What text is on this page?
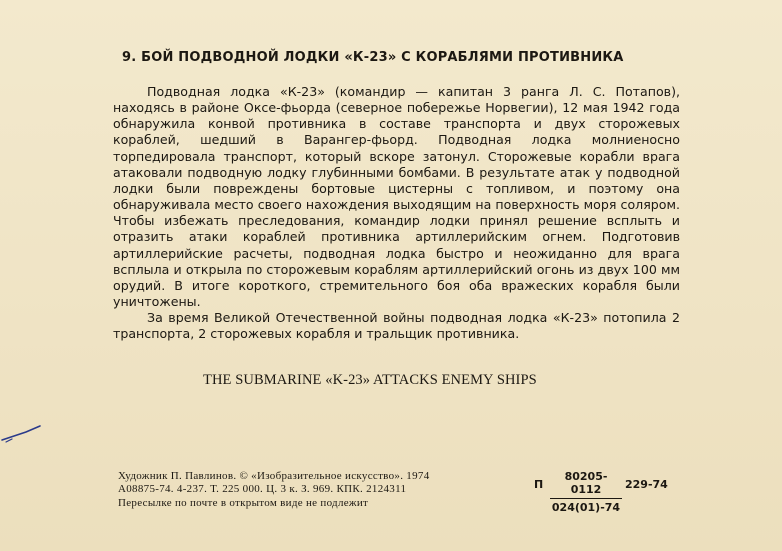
9. БОЙ ПОДВОДНОЙ ЛОДКИ «К-23» С КОРАБЛЯМИ ПРОТИВНИКА

Подводная лодка «К-23» (командир — капитан 3 ранга Л. С. Потапов), находясь в районе Оксе-фьорда (северное побережье Норвегии), 12 мая 1942 года обнаружила конвой противника в составе транспорта и двух сторожевых кораблей, шедший в Варангер-фьорд. Подводная лодка молниеносно торпедировала транспорт, который вскоре затонул. Сторожевые корабли врага атаковали подводную лодку глубинными бомбами. В результате атак у подводной лодки были повреждены бортовые цистерны с топливом, и поэтому она обнаруживала место своего нахождения выходящим на поверхность моря соляром. Чтобы избежать преследования, командир лодки принял решение всплыть и отразить атаки кораблей противника артиллерийским огнем. Подготовив артиллерийские расчеты, подводная лодка быстро и неожиданно для врага всплыла и открыла по сторожевым кораблям артиллерийский огонь из двух 100 мм орудий. В итоге короткого, стремительного боя оба вражеских корабля были уничтожены.

За время Великой Отечественной войны подводная лодка «К-23» потопила 2 транспорта, 2 сторожевых корабля и тральщик противника.

THE SUBMARINE «K-23» ATTACKS ENEMY SHIPS
Художник П. Павлинов. © «Изобразительное искусство». 1974
А08875-74. 4-237. Т. 225 000. Ц. 3 к. З. 969. КПК. 2124311
Пересылке по почте в открытом виде не подлежит
П
80205-0112
024(01)-74
229-74
